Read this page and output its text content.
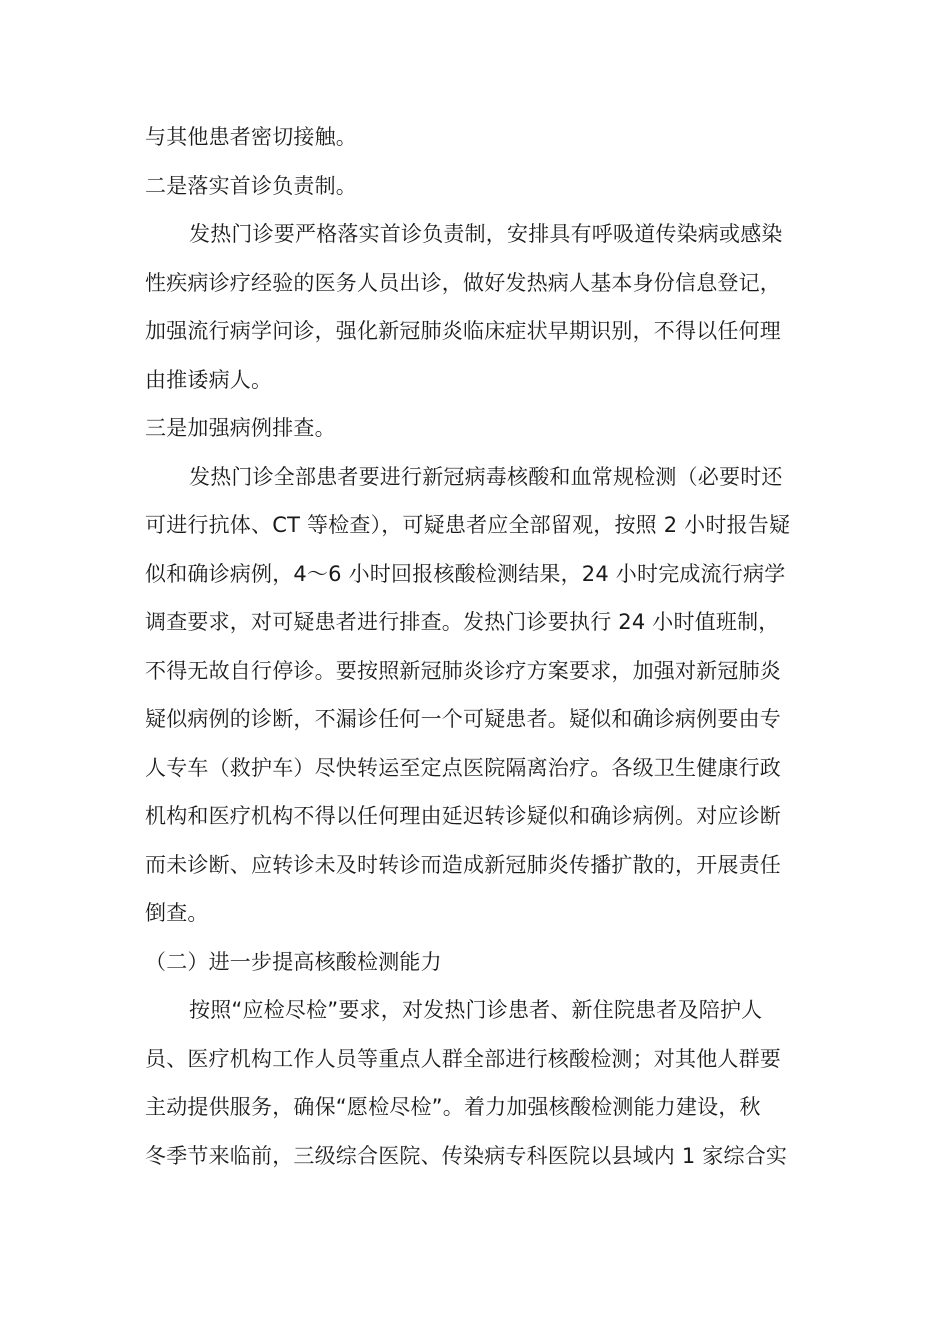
与其他患者密切接触。
二是落实首诊负责制。
发热门诊要严格落实首诊负责制，安排具有呼吸道传染病或感染
性疾病诊疗经验的医务人员出诊，做好发热病人基本身份信息登记，
加强流行病学问诊，强化新冠肺炎临床症状早期识别，不得以任何理
由推诿病人。
三是加强病例排查。
发热门诊全部患者要进行新冠病毒核酸和血常规检测（必要时还
可进行抗体、CT 等检查），可疑患者应全部留观，按照 2 小时报告疑
似和确诊病例，4～6 小时回报核酸检测结果，24 小时完成流行病学
调查要求，对可疑患者进行排查。发热门诊要执行 24 小时值班制，
不得无故自行停诊。要按照新冠肺炎诊疗方案要求，加强对新冠肺炎
疑似病例的诊断，不漏诊任何一个可疑患者。疑似和确诊病例要由专
人专车（救护车）尽快转运至定点医院隔离治疗。各级卫生健康行政
机构和医疗机构不得以任何理由延迟转诊疑似和确诊病例。对应诊断
而未诊断、应转诊未及时转诊而造成新冠肺炎传播扩散的，开展责任
倒查。
（二）进一步提高核酸检测能力
按照“应检尽检”要求，对发热门诊患者、新住院患者及陪护人
员、医疗机构工作人员等重点人群全部进行核酸检测；对其他人群要
主动提供服务，确保“愿检尽检”。着力加强核酸检测能力建设，秋
冬季节来临前，三级综合医院、传染病专科医院以县域内 1 家综合实
